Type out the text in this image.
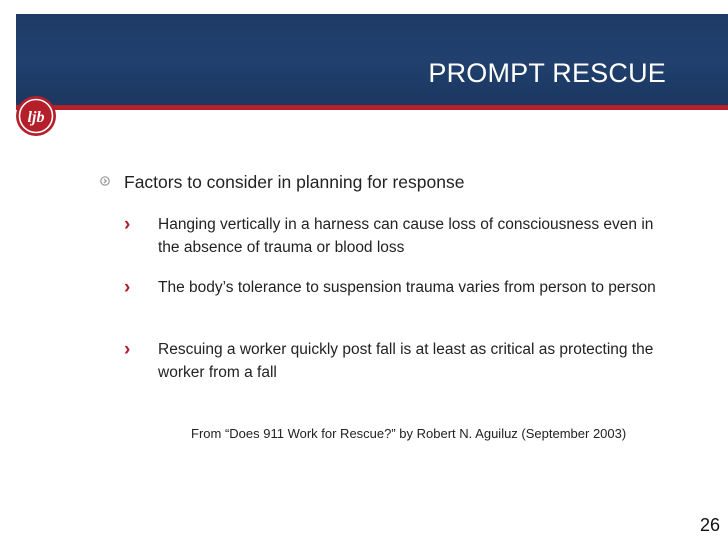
PROMPT RESCUE
ljb
Factors to consider in planning for response
› Hanging vertically in a harness can cause loss of consciousness even in the absence of trauma or blood loss
› The body’s tolerance to suspension trauma varies from person to person
› Rescuing a worker quickly post fall is at least as critical as protecting the worker from a fall
From “Does 911 Work for Rescue?” by Robert N. Aguiluz (September 2003)
26
